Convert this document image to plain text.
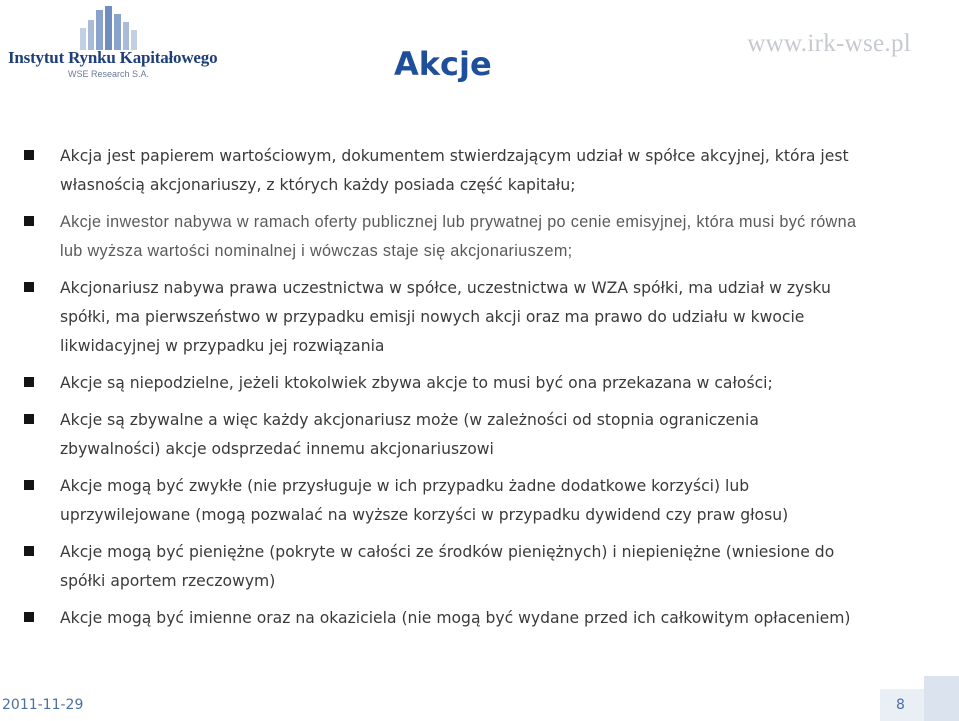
Instytut Rynku Kapitałowego
WSE Research S.A.
www.irk-wse.pl
Akcje
Akcja jest papierem wartościowym, dokumentem stwierdzającym udział w spółce akcyjnej, która jest własnością akcjonariuszy, z których każdy posiada część kapitału;
Akcje inwestor nabywa w ramach oferty publicznej lub prywatnej po cenie emisyjnej, która musi być równa lub wyższa wartości nominalnej i wówczas staje się akcjonariuszem;
Akcjonariusz nabywa prawa uczestnictwa w spółce, uczestnictwa w WZA spółki, ma udział w zysku spółki, ma pierwszeństwo w przypadku emisji nowych akcji oraz ma prawo do udziału w kwocie likwidacyjnej w przypadku jej rozwiązania
Akcje są niepodzielne, jeżeli ktokolwiek zbywa akcje to musi być ona przekazana w całości;
Akcje są zbywalne a więc każdy akcjonariusz może (w zależności od stopnia ograniczenia zbywalności) akcje odsprzedać innemu akcjonariuszowi
Akcje mogą być zwykłe (nie przysługuje w ich przypadku żadne dodatkowe korzyści) lub uprzywilejowane (mogą pozwalać na wyższe korzyści w przypadku dywidend czy praw głosu)
Akcje mogą być pieniężne (pokryte w całości ze środków pieniężnych) i niepieniężne (wniesione do spółki aportem rzeczowym)
Akcje mogą być imienne oraz na okaziciela (nie mogą być wydane przed ich całkowitym opłaceniem)
2011-11-29	8
